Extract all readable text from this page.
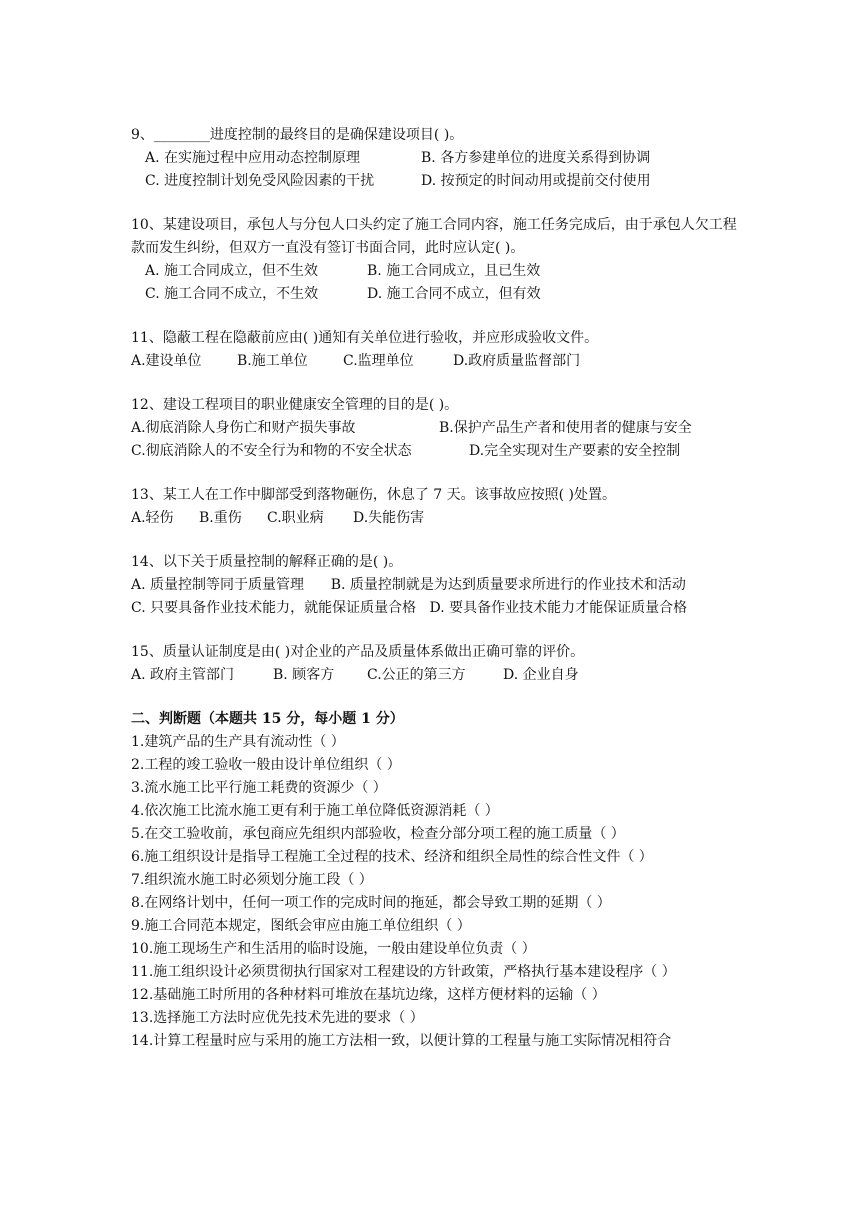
9、________进度控制的最终目的是确保建设项目( )。
A. 在实施过程中应用动态控制原理	B. 各方参建单位的进度关系得到协调
C. 进度控制计划免受风险因素的干扰	D. 按预定的时间动用或提前交付使用
10、某建设项目，承包人与分包人口头约定了施工合同内容，施工任务完成后，由于承包人欠工程款而发生纠纷，但双方一直没有签订书面合同，此时应认定( )。
A. 施工合同成立，但不生效	B. 施工合同成立，且已生效
C. 施工合同不成立，不生效	D. 施工合同不成立，但有效
11、隐蔽工程在隐蔽前应由( )通知有关单位进行验收，并应形成验收文件。
A.建设单位	B.施工单位	C.监理单位	D.政府质量监督部门
12、建设工程项目的职业健康安全管理的目的是( )。
A.彻底消除人身伤亡和财产损失事故	B.保护产品生产者和使用者的健康与安全
C.彻底消除人的不安全行为和物的不安全状态	D.完全实现对生产要素的安全控制
13、某工人在工作中脚部受到落物砸伤，休息了 7 天。该事故应按照( )处置。
A.轻伤 B.重伤 C.职业病 D.失能伤害
14、以下关于质量控制的解释正确的是( )。
A. 质量控制等同于质量管理 B. 质量控制就是为达到质量要求所进行的作业技术和活动
C. 只要具备作业技术能力，就能保证质量合格 D. 要具备作业技术能力才能保证质量合格
15、质量认证制度是由( )对企业的产品及质量体系做出正确可靠的评价。
A. 政府主管部门	B. 顾客方 C.公正的第三方	D. 企业自身
二、判断题（本题共 15 分，每小题 1 分）
1.建筑产品的生产具有流动性（ ）
2.工程的竣工验收一般由设计单位组织（ ）
3.流水施工比平行施工耗费的资源少（ ）
4.依次施工比流水施工更有利于施工单位降低资源消耗（ ）
5.在交工验收前，承包商应先组织内部验收，检查分部分项工程的施工质量（ ）
6.施工组织设计是指导工程施工全过程的技术、经济和组织全局性的综合性文件（ ）
7.组织流水施工时必须划分施工段（ ）
8.在网络计划中，任何一项工作的完成时间的拖延，都会导致工期的延期（ ）
9.施工合同范本规定，图纸会审应由施工单位组织（ ）
10.施工现场生产和生活用的临时设施，一般由建设单位负责（ ）
11.施工组织设计必须贯彻执行国家对工程建设的方针政策，严格执行基本建设程序（ ）
12.基础施工时所用的各种材料可堆放在基坑边缘，这样方便材料的运输（ ）
13.选择施工方法时应优先技术先进的要求（ ）
14.计算工程量时应与采用的施工方法相一致，以便计算的工程量与施工实际情况相符合
